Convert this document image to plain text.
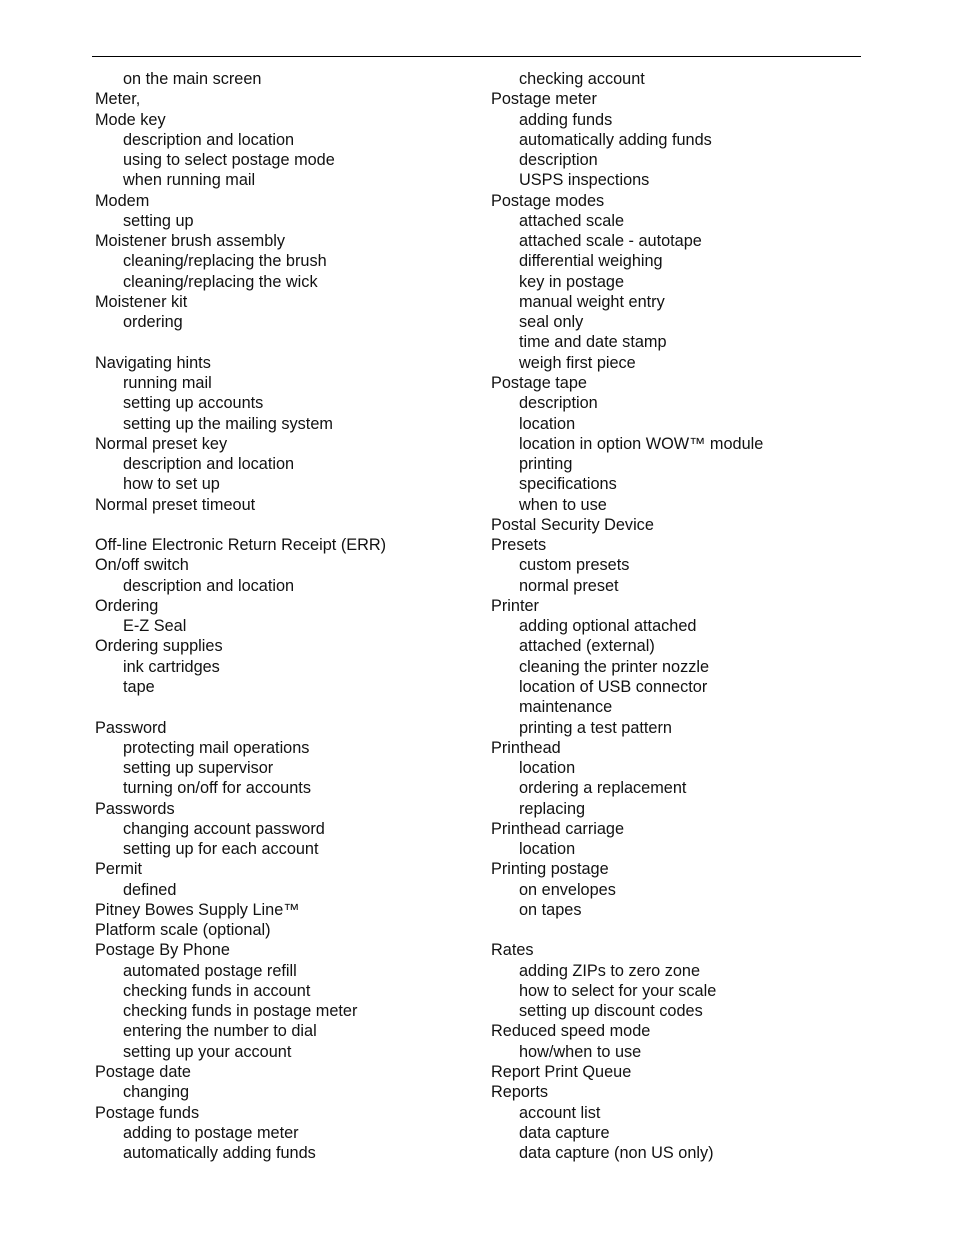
on the main screen
Meter,
Mode key
description and location
using to select postage mode
when running mail
Modem
setting up
Moistener brush assembly
cleaning/replacing the brush
cleaning/replacing the wick
Moistener kit
ordering
Navigating hints
running mail
setting up accounts
setting up the mailing system
Normal preset key
description and location
how to set up
Normal preset timeout
Off-line Electronic Return Receipt (ERR)
On/off switch
description and location
Ordering
E-Z Seal
Ordering supplies
ink cartridges
tape
Password
protecting mail operations
setting up supervisor
turning on/off for accounts
Passwords
changing account password
setting up for each account
Permit
defined
Pitney Bowes Supply Line™
Platform scale (optional)
Postage By Phone
automated postage refill
checking funds in account
checking funds in postage meter
entering the number to dial
setting up your account
Postage date
changing
Postage funds
adding to postage meter
automatically adding funds
checking account
Postage meter
adding funds
automatically adding funds
description
USPS inspections
Postage modes
attached scale
attached scale - autotape
differential weighing
key in postage
manual weight entry
seal only
time and date stamp
weigh first piece
Postage tape
description
location
location in option WOW™ module
printing
specifications
when to use
Postal Security Device
Presets
custom presets
normal preset
Printer
adding optional attached
attached (external)
cleaning the printer nozzle
location of USB connector
maintenance
printing a test pattern
Printhead
location
ordering a replacement
replacing
Printhead carriage
location
Printing postage
on envelopes
on tapes
Rates
adding ZIPs to zero zone
how to select for your scale
setting up discount codes
Reduced speed mode
how/when to use
Report Print Queue
Reports
account list
data capture
data capture (non US only)
